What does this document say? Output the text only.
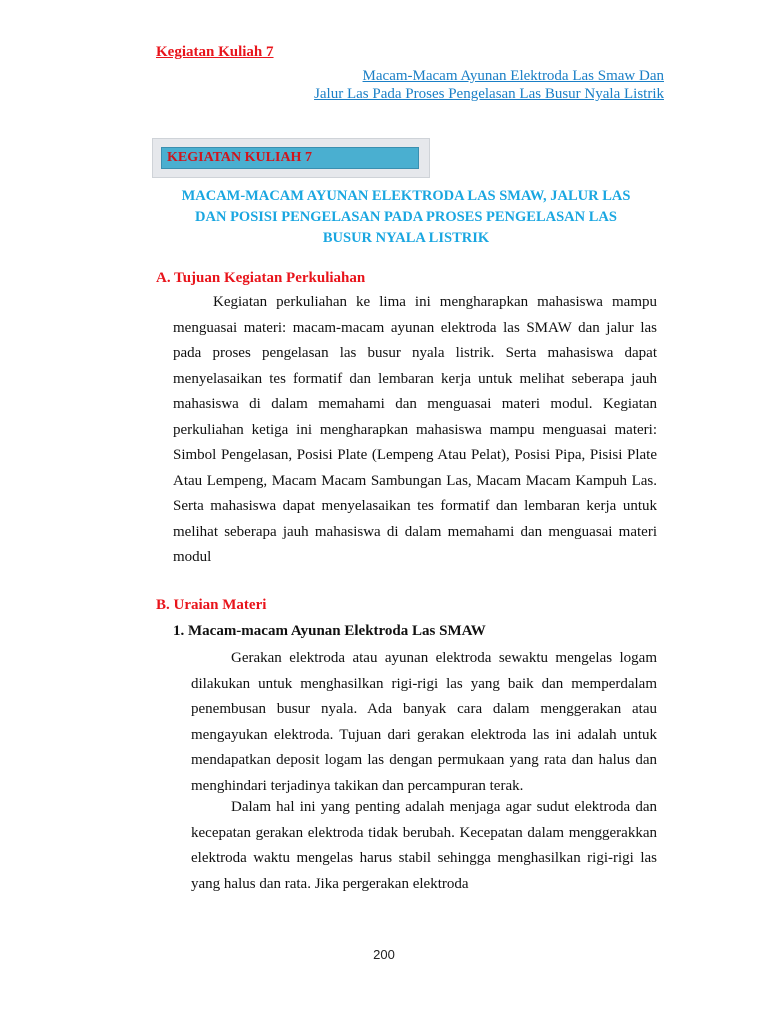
Kegiatan Kuliah 7
Macam-Macam Ayunan Elektroda Las Smaw Dan
Jalur Las Pada Proses Pengelasan Las Busur Nyala Listrik
KEGIATAN KULIAH 7
MACAM-MACAM AYUNAN ELEKTRODA LAS SMAW, JALUR LAS
DAN POSISI PENGELASAN PADA PROSES PENGELASAN LAS
BUSUR NYALA LISTRIK
A. Tujuan Kegiatan Perkuliahan

Kegiatan perkuliahan ke lima ini mengharapkan mahasiswa mampu menguasai materi: macam-macam ayunan elektroda las SMAW dan jalur las pada proses pengelasan las busur nyala listrik. Serta mahasiswa dapat menyelasaikan tes formatif dan lembaran kerja untuk melihat seberapa jauh mahasiswa di dalam memahami dan menguasai materi modul. Kegiatan perkuliahan ketiga ini mengharapkan mahasiswa mampu menguasai materi: Simbol Pengelasan, Posisi Plate (Lempeng Atau Pelat), Posisi Pipa, Pisisi Plate Atau Lempeng, Macam Macam Sambungan Las, Macam Macam Kampuh Las. Serta mahasiswa dapat menyelasaikan tes formatif dan lembaran kerja untuk melihat seberapa jauh mahasiswa di dalam memahami dan menguasai materi modul

B. Uraian Materi
1. Macam-macam Ayunan Elektroda Las SMAW

Gerakan elektroda atau ayunan elektroda sewaktu mengelas logam dilakukan untuk menghasilkan rigi-rigi las yang baik dan memperdalam penembusan busur nyala. Ada banyak cara dalam menggerakan atau mengayukan elektroda. Tujuan dari gerakan elektroda las ini adalah untuk mendapatkan deposit logam las dengan permukaan yang rata dan halus dan menghindari terjadinya takikan dan percampuran terak.

Dalam hal ini yang penting adalah menjaga agar sudut elektroda dan kecepatan gerakan elektroda tidak berubah. Kecepatan dalam menggerakkan elektroda waktu mengelas harus stabil sehingga menghasilkan rigi-rigi las yang halus dan rata. Jika pergerakan elektroda

200
